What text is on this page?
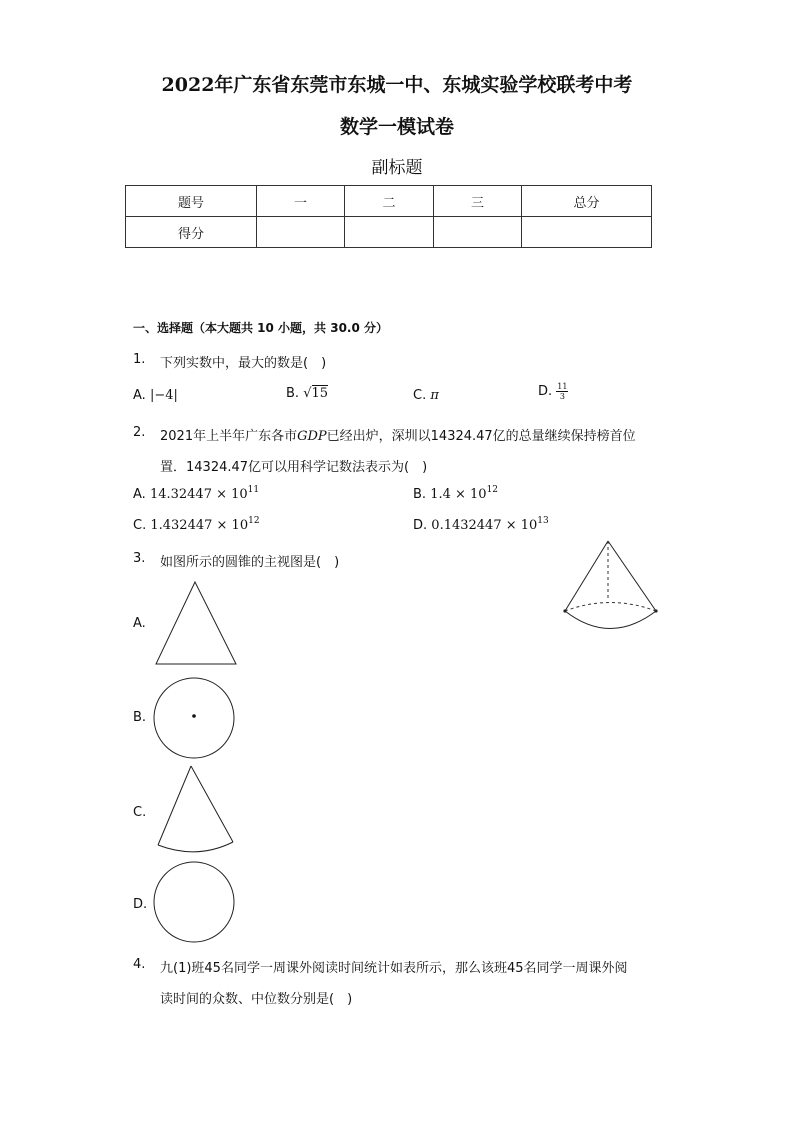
2022年广东省东莞市东城一中、东城实验学校联考中考
数学一模试卷
副标题
题号	一	二	三	总分
得分				
一、选择题（本大题共 10 小题，共 30.0 分）
1. 下列实数中，最大的数是(　)
A. |−4|	B. √15	C. π	D. $\frac{11}{3}$
2. 2021年上半年广东各市GDP已经出炉，深圳以14324.47亿的总量继续保持榜首位
置．14324.47亿可以用科学记数法表示为(　)
A. $14.32447 \times 10^{11}$	B. $1.4 \times 10^{12}$
C. $1.432447 \times 10^{12}$	D. $0.1432447 \times 10^{13}$
3. 如图所示的圆锥的主视图是(　)
A.
B.
C.
D.
4. 九(1)班45名同学一周课外阅读时间统计如表所示，那么该班45名同学一周课外阅
读时间的众数、中位数分别是(　)
